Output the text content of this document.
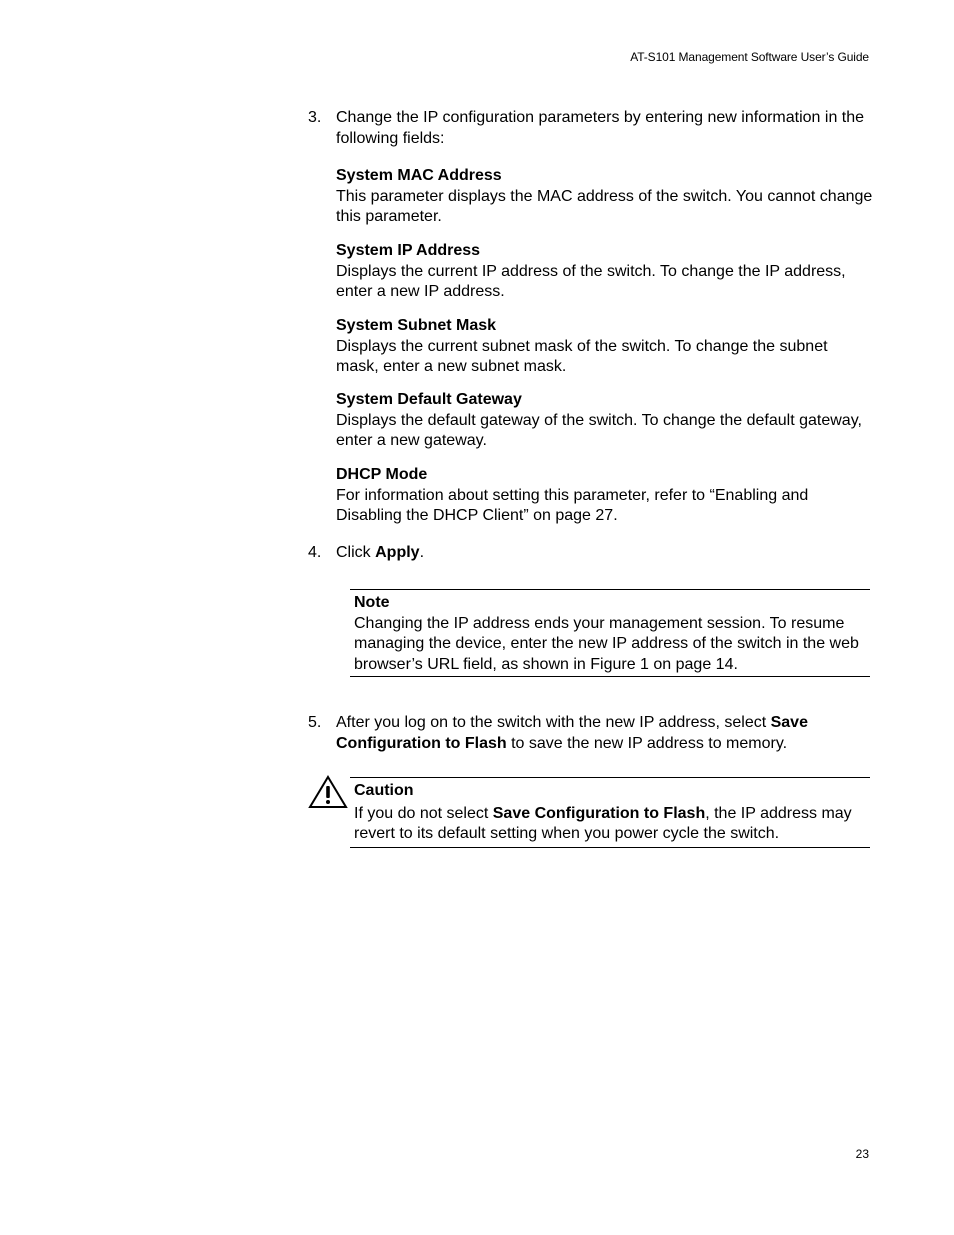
AT-S101 Management Software User’s Guide
3. Change the IP configuration parameters by entering new information in the following fields:
System MAC Address
This parameter displays the MAC address of the switch. You cannot change this parameter.
System IP Address
Displays the current IP address of the switch. To change the IP address, enter a new IP address.
System Subnet Mask
Displays the current subnet mask of the switch. To change the subnet mask, enter a new subnet mask.
System Default Gateway
Displays the default gateway of the switch. To change the default gateway, enter a new gateway.
DHCP Mode
For information about setting this parameter, refer to “Enabling and Disabling the DHCP Client” on page 27.
4. Click Apply.
Note
Changing the IP address ends your management session. To resume managing the device, enter the new IP address of the switch in the web browser’s URL field, as shown in Figure 1 on page 14.
5. After you log on to the switch with the new IP address, select Save Configuration to Flash to save the new IP address to memory.
Caution
If you do not select Save Configuration to Flash, the IP address may revert to its default setting when you power cycle the switch.
23
